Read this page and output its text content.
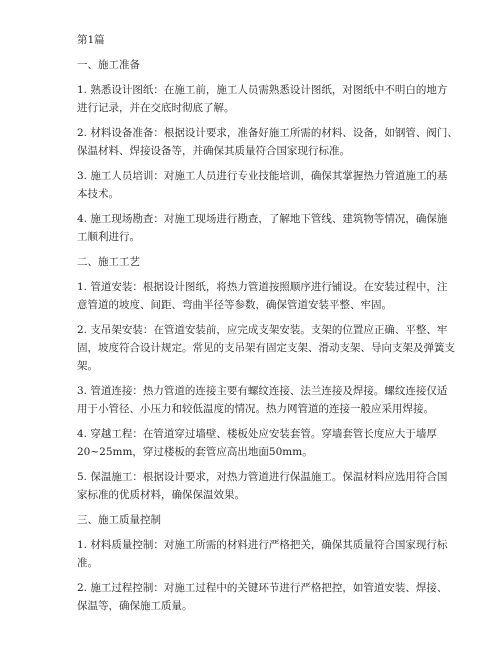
第1篇

一、施工准备

1. 熟悉设计图纸：在施工前，施工人员需熟悉设计图纸，对图纸中不明白的地方

进行记录，并在交底时彻底了解。

2. 材料设备准备：根据设计要求，准备好施工所需的材料、设备，如钢管、阀门、

保温材料、焊接设备等，并确保其质量符合国家现行标准。

3. 施工人员培训：对施工人员进行专业技能培训，确保其掌握热力管道施工的基

本技术。

4. 施工现场勘查：对施工现场进行勘查，了解地下管线、建筑物等情况，确保施

工顺利进行。

二、施工工艺

1. 管道安装：根据设计图纸，将热力管道按照顺序进行铺设。在安装过程中，注

意管道的坡度、间距、弯曲半径等参数，确保管道安装平整、牢固。

2. 支吊架安装：在管道安装前，应完成支架安装。支架的位置应正确、平整、牢

固，坡度符合设计规定。常见的支吊架有固定支架、滑动支架、导向支架及弹簧支

架。

3. 管道连接：热力管道的连接主要有螺纹连接、法兰连接及焊接。螺纹连接仅适

用于小管径、小压力和较低温度的情况。热力网管道的连接一般应采用焊接。

4. 穿越工程：在管道穿过墙壁、楼板处应安装套管。穿墙套管长度应大于墙厚

20~25mm，穿过楼板的套管应高出地面50mm。

5. 保温施工：根据设计要求，对热力管道进行保温施工。保温材料应选用符合国

家标准的优质材料，确保保温效果。

三、施工质量控制

1. 材料质量控制：对施工所需的材料进行严格把关，确保其质量符合国家现行标

准。

2. 施工过程控制：对施工过程中的关键环节进行严格把控，如管道安装、焊接、

保温等，确保施工质量。
